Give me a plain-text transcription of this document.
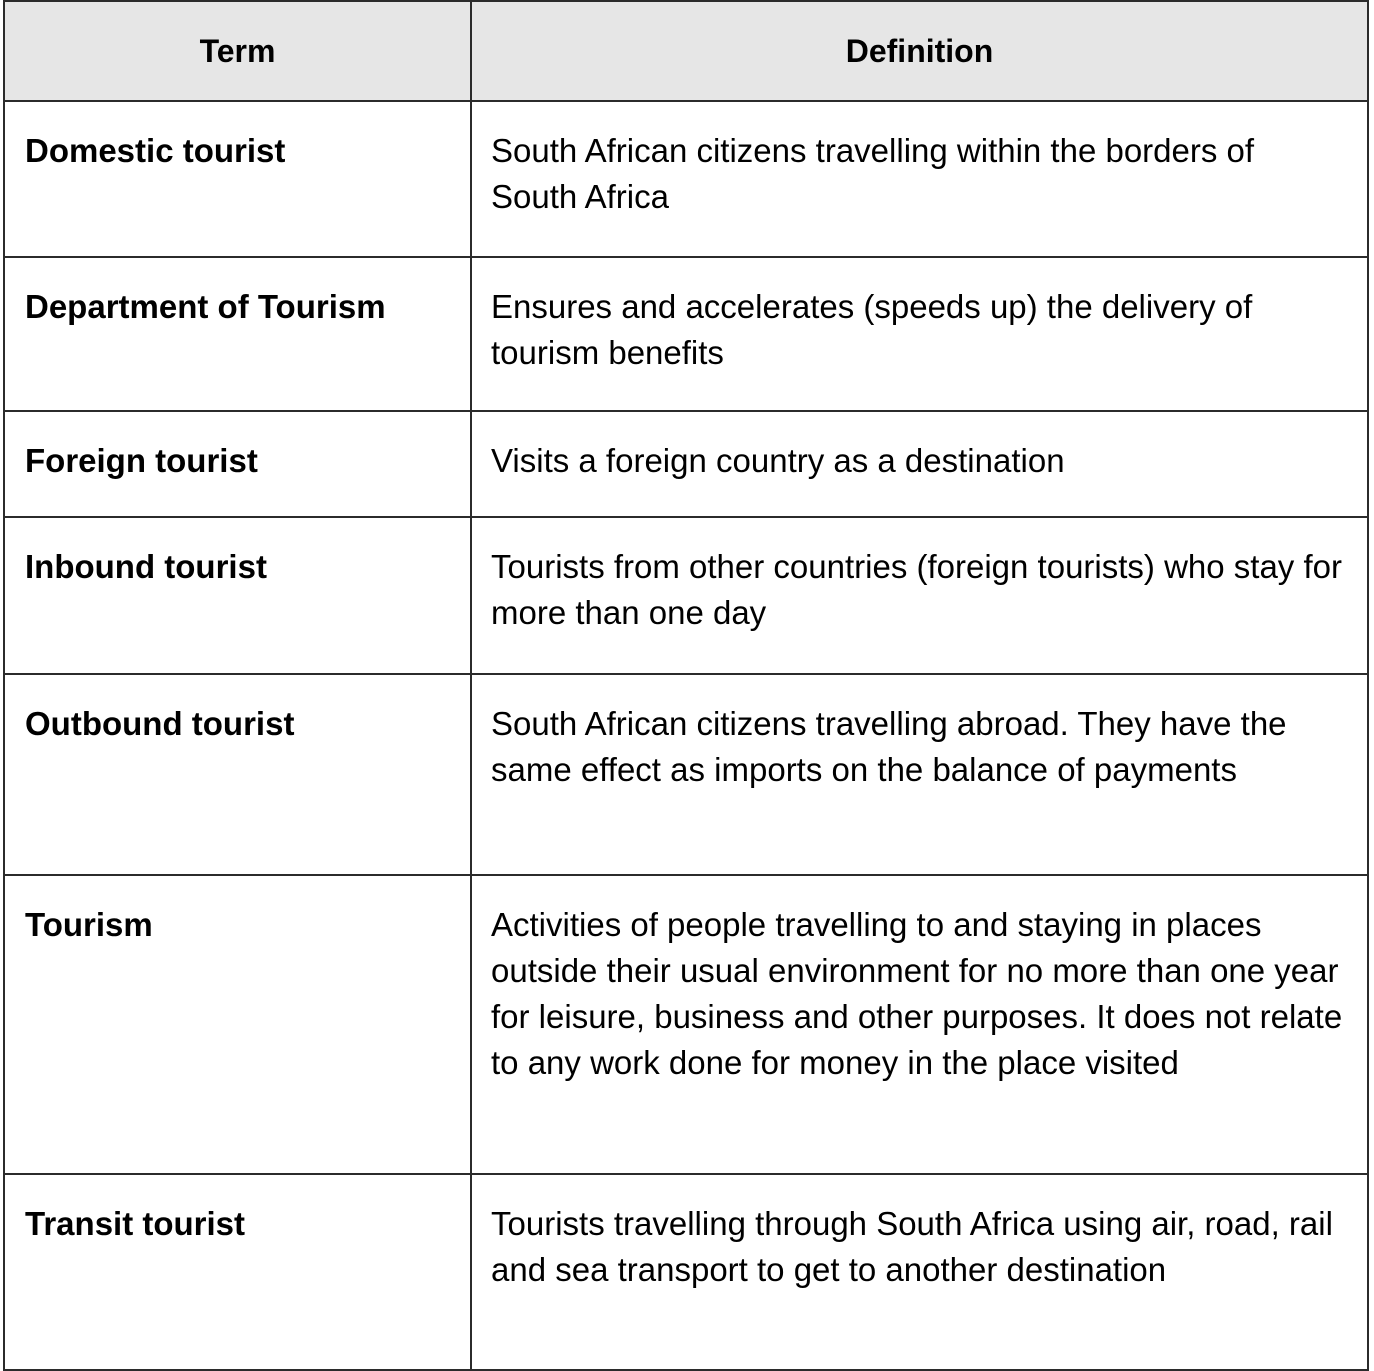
Term	Definition
Domestic tourist	South African citizens travelling within the borders of South Africa
Department of Tourism	Ensures and accelerates (speeds up) the delivery of tourism benefits
Foreign tourist	Visits a foreign country as a destination
Inbound tourist	Tourists from other countries (foreign tourists) who stay for more than one day
Outbound tourist	South African citizens travelling abroad. They have the same effect as imports on the balance of payments
Tourism	Activities of people travelling to and staying in places outside their usual environment for no more than one year for leisure, business and other purposes. It does not relate to any work done for money in the place visited
Transit tourist	Tourists travelling through South Africa using air, road, rail and sea transport to get to another destination
